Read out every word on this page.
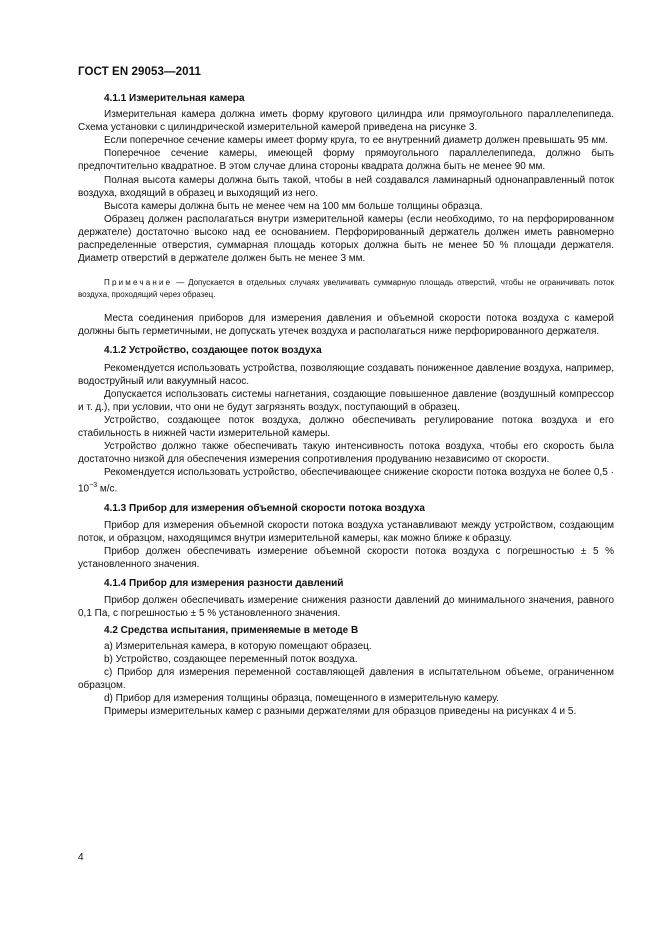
ГОСТ EN 29053—2011

4.1.1 Измерительная камера

Измерительная камера должна иметь форму кругового цилиндра или прямоугольного параллелепипеда. Схема установки с цилиндрической измерительной камерой приведена на рисунке 3.

Если поперечное сечение камеры имеет форму круга, то ее внутренний диаметр должен превышать 95 мм.

Поперечное сечение камеры, имеющей форму прямоугольного параллелепипеда, должно быть предпочтительно квадратное. В этом случае длина стороны квадрата должна быть не менее 90 мм.

Полная высота камеры должна быть такой, чтобы в ней создавался ламинарный однонаправленный поток воздуха, входящий в образец и выходящий из него.

Высота камеры должна быть не менее чем на 100 мм больше толщины образца.

Образец должен располагаться внутри измерительной камеры (если необходимо, то на перфорированном держателе) достаточно высоко над ее основанием. Перфорированный держатель должен иметь равномерно распределенные отверстия, суммарная площадь которых должна быть не менее 50 % площади держателя. Диаметр отверстий в держателе должен быть не менее 3 мм.

Примечание — Допускается в отдельных случаях увеличивать суммарную площадь отверстий, чтобы не ограничивать поток воздуха, проходящий через образец.

Места соединения приборов для измерения давления и объемной скорости потока воздуха с камерой должны быть герметичными, не допускать утечек воздуха и располагаться ниже перфорированного держателя.

4.1.2 Устройство, создающее поток воздуха

Рекомендуется использовать устройства, позволяющие создавать пониженное давление воздуха, например, водоструйный или вакуумный насос.

Допускается использовать системы нагнетания, создающие повышенное давление (воздушный компрессор и т. д.), при условии, что они не будут загрязнять воздух, поступающий в образец.

Устройство, создающее поток воздуха, должно обеспечивать регулирование потока воздуха и его стабильность в нижней части измерительной камеры.

Устройство должно также обеспечивать такую интенсивность потока воздуха, чтобы его скорость была достаточно низкой для обеспечения измерения сопротивления продуванию независимо от скорости.

Рекомендуется использовать устройство, обеспечивающее снижение скорости потока воздуха не более $0,5 \cdot 10^{-3}$ м/с.

4.1.3 Прибор для измерения объемной скорости потока воздуха

Прибор для измерения объемной скорости потока воздуха устанавливают между устройством, создающим поток, и образцом, находящимся внутри измерительной камеры, как можно ближе к образцу.

Прибор должен обеспечивать измерение объемной скорости потока воздуха с погрешностью ± 5 % установленного значения.

4.1.4 Прибор для измерения разности давлений

Прибор должен обеспечивать измерение снижения разности давлений до минимального значения, равного 0,1 Па, с погрешностью ± 5 % установленного значения.

4.2 Средства испытания, применяемые в методе В

a) Измерительная камера, в которую помещают образец.

b) Устройство, создающее переменный поток воздуха.

c) Прибор для измерения переменной составляющей давления в испытательном объеме, ограниченном образцом.

d) Прибор для измерения толщины образца, помещенного в измерительную камеру.

Примеры измерительных камер с разными держателями для образцов приведены на рисунках 4 и 5.

4
